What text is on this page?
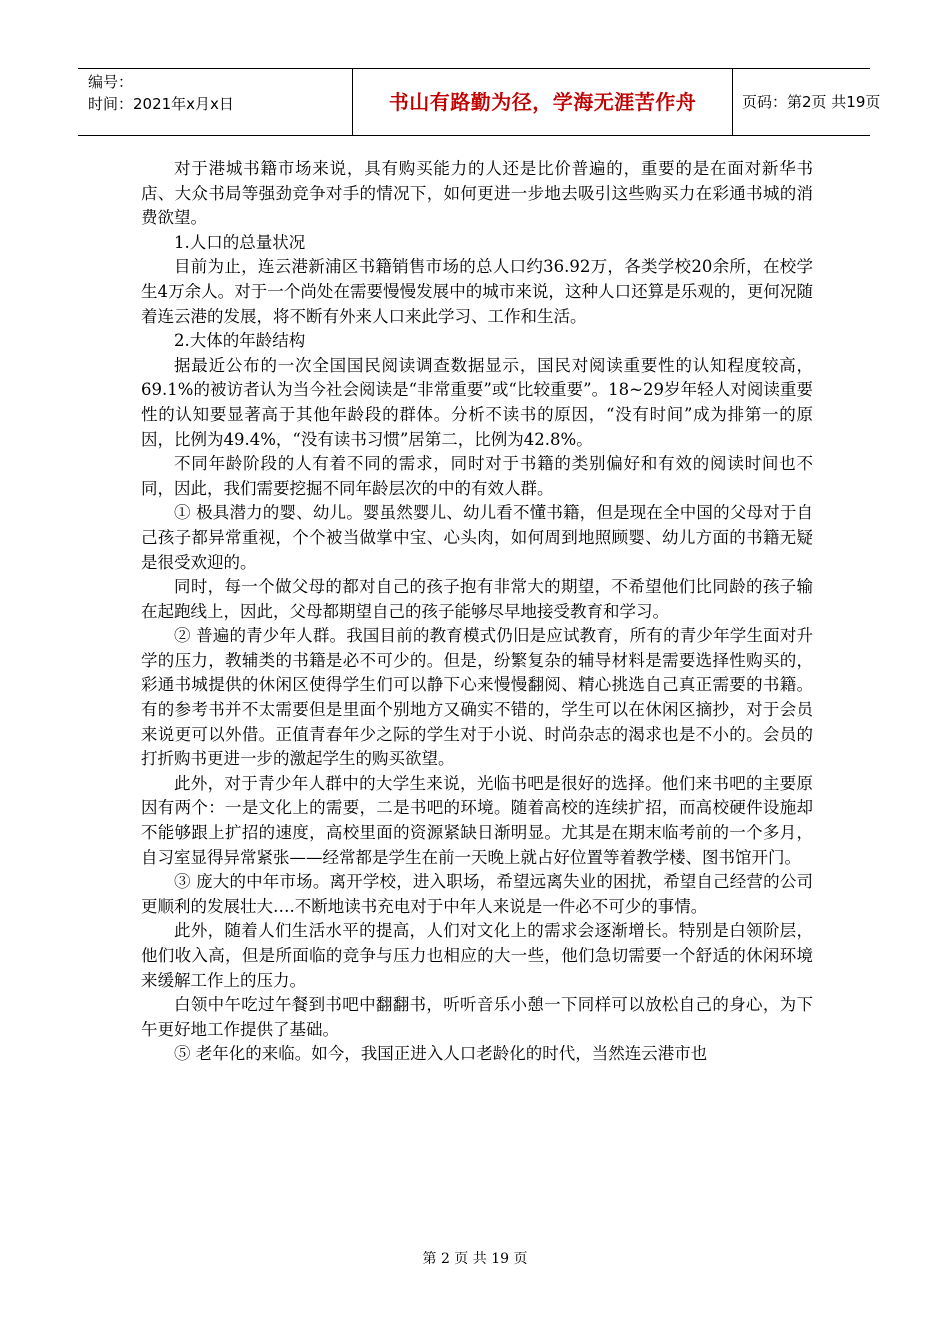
编号：
时间：2021年x月x日	书山有路勤为径，学海无涯苦作舟	页码：第2页 共19页

对于港城书籍市场来说，具有购买能力的人还是比价普遍的，重要的是在面对新华书店、大众书局等强劲竞争对手的情况下，如何更进一步地去吸引这些购买力在彩通书城的消费欲望。

1.人口的总量状况

目前为止，连云港新浦区书籍销售市场的总人口约36.92万，各类学校20余所，在校学生4万余人。对于一个尚处在需要慢慢发展中的城市来说，这种人口还算是乐观的，更何况随着连云港的发展，将不断有外来人口来此学习、工作和生活。

2.大体的年龄结构

据最近公布的一次全国国民阅读调查数据显示，国民对阅读重要性的认知程度较高，69.1%的被访者认为当今社会阅读是“非常重要”或“比较重要”。18~29岁年轻人对阅读重要性的认知要显著高于其他年龄段的群体。分析不读书的原因，“没有时间”成为排第一的原因，比例为49.4%，“没有读书习惯”居第二，比例为42.8%。

不同年龄阶段的人有着不同的需求，同时对于书籍的类别偏好和有效的阅读时间也不同，因此，我们需要挖掘不同年龄层次的中的有效人群。

① 极具潜力的婴、幼儿。婴虽然婴儿、幼儿看不懂书籍，但是现在全中国的父母对于自己孩子都异常重视，个个被当做掌中宝、心头肉，如何周到地照顾婴、幼儿方面的书籍无疑是很受欢迎的。

同时，每一个做父母的都对自己的孩子抱有非常大的期望，不希望他们比同龄的孩子输在起跑线上，因此，父母都期望自己的孩子能够尽早地接受教育和学习。

② 普遍的青少年人群。我国目前的教育模式仍旧是应试教育，所有的青少年学生面对升学的压力，教辅类的书籍是必不可少的。但是，纷繁复杂的辅导材料是需要选择性购买的，彩通书城提供的休闲区使得学生们可以静下心来慢慢翻阅、精心挑选自己真正需要的书籍。有的参考书并不太需要但是里面个别地方又确实不错的，学生可以在休闲区摘抄，对于会员来说更可以外借。正值青春年少之际的学生对于小说、时尚杂志的渴求也是不小的。会员的打折购书更进一步的激起学生的购买欲望。

此外，对于青少年人群中的大学生来说，光临书吧是很好的选择。他们来书吧的主要原因有两个：一是文化上的需要，二是书吧的环境。随着高校的连续扩招，而高校硬件设施却不能够跟上扩招的速度，高校里面的资源紧缺日渐明显。尤其是在期末临考前的一个多月，自习室显得异常紧张——经常都是学生在前一天晚上就占好位置等着教学楼、图书馆开门。

③ 庞大的中年市场。离开学校，进入职场，希望远离失业的困扰，希望自己经营的公司更顺利的发展壮大….不断地读书充电对于中年人来说是一件必不可少的事情。

此外，随着人们生活水平的提高，人们对文化上的需求会逐渐增长。特别是白领阶层，他们收入高，但是所面临的竞争与压力也相应的大一些，他们急切需要一个舒适的休闲环境来缓解工作上的压力。

白领中午吃过午餐到书吧中翻翻书，听听音乐小憩一下同样可以放松自己的身心，为下午更好地工作提供了基础。

⑤ 老年化的来临。如今，我国正进入人口老龄化的时代，当然连云港市也

第 2 页 共 19 页
